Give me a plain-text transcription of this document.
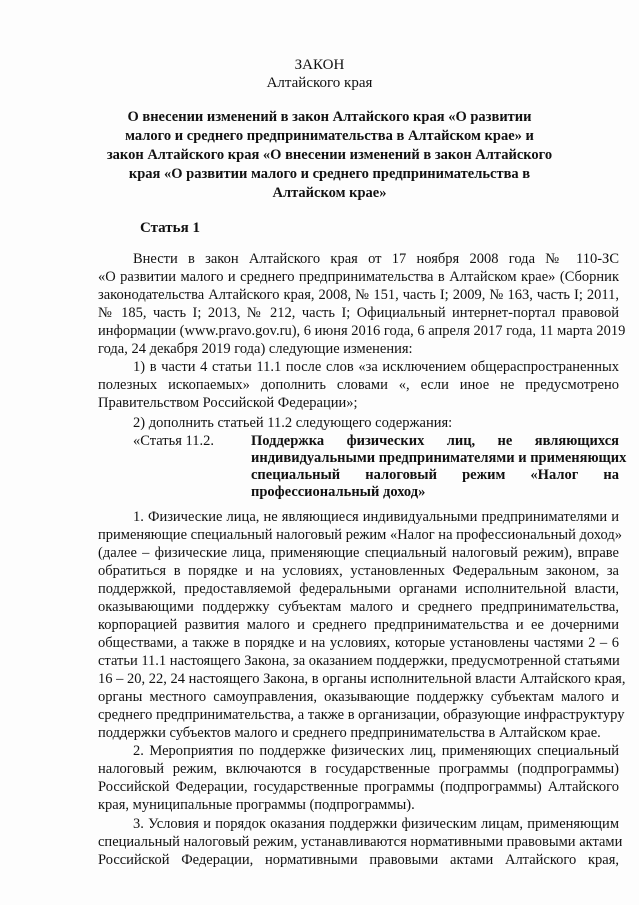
ЗАКОН
Алтайского края
О внесении изменений в закон Алтайского края «О развитии
малого и среднего предпринимательства в Алтайском крае» и
закон Алтайского края «О внесении изменений в закон Алтайского
края «О развитии малого и среднего предпринимательства в
Алтайском крае»
Статья 1
Внести в закон Алтайского края от 17 ноября 2008 года № 110-ЗС
«О развитии малого и среднего предпринимательства в Алтайском крае» (Сборник
законодательства Алтайского края, 2008, № 151, часть I; 2009, № 163, часть I; 2011,
№ 185, часть I; 2013, № 212, часть I; Официальный интернет-портал правовой
информации (www.pravo.gov.ru), 6 июня 2016 года, 6 апреля 2017 года, 11 марта 2019
года, 24 декабря 2019 года) следующие изменения:
1) в части 4 статьи 11.1 после слов «за исключением общераспространенных
полезных ископаемых» дополнить словами «, если иное не предусмотрено
Правительством Российской Федерации»;
2) дополнить статьей 11.2 следующего содержания:
«Статья 11.2.	Поддержка физических лиц, не являющихся
индивидуальными предпринимателями и применяющих
специальный налоговый режим «Налог на
профессиональный доход»
1. Физические лица, не являющиеся индивидуальными предпринимателями и
применяющие специальный налоговый режим «Налог на профессиональный доход»
(далее – физические лица, применяющие специальный налоговый режим), вправе
обратиться в порядке и на условиях, установленных Федеральным законом, за
поддержкой, предоставляемой федеральными органами исполнительной власти,
оказывающими поддержку субъектам малого и среднего предпринимательства,
корпорацией развития малого и среднего предпринимательства и ее дочерними
обществами, а также в порядке и на условиях, которые установлены частями 2 – 6
статьи 11.1 настоящего Закона, за оказанием поддержки, предусмотренной статьями
16 – 20, 22, 24 настоящего Закона, в органы исполнительной власти Алтайского края,
органы местного самоуправления, оказывающие поддержку субъектам малого и
среднего предпринимательства, а также в организации, образующие инфраструктуру
поддержки субъектов малого и среднего предпринимательства в Алтайском крае.
2. Мероприятия по поддержке физических лиц, применяющих специальный
налоговый режим, включаются в государственные программы (подпрограммы)
Российской Федерации, государственные программы (подпрограммы) Алтайского
края, муниципальные программы (подпрограммы).
3. Условия и порядок оказания поддержки физическим лицам, применяющим
специальный налоговый режим, устанавливаются нормативными правовыми актами
Российской Федерации, нормативными правовыми актами Алтайского края,
